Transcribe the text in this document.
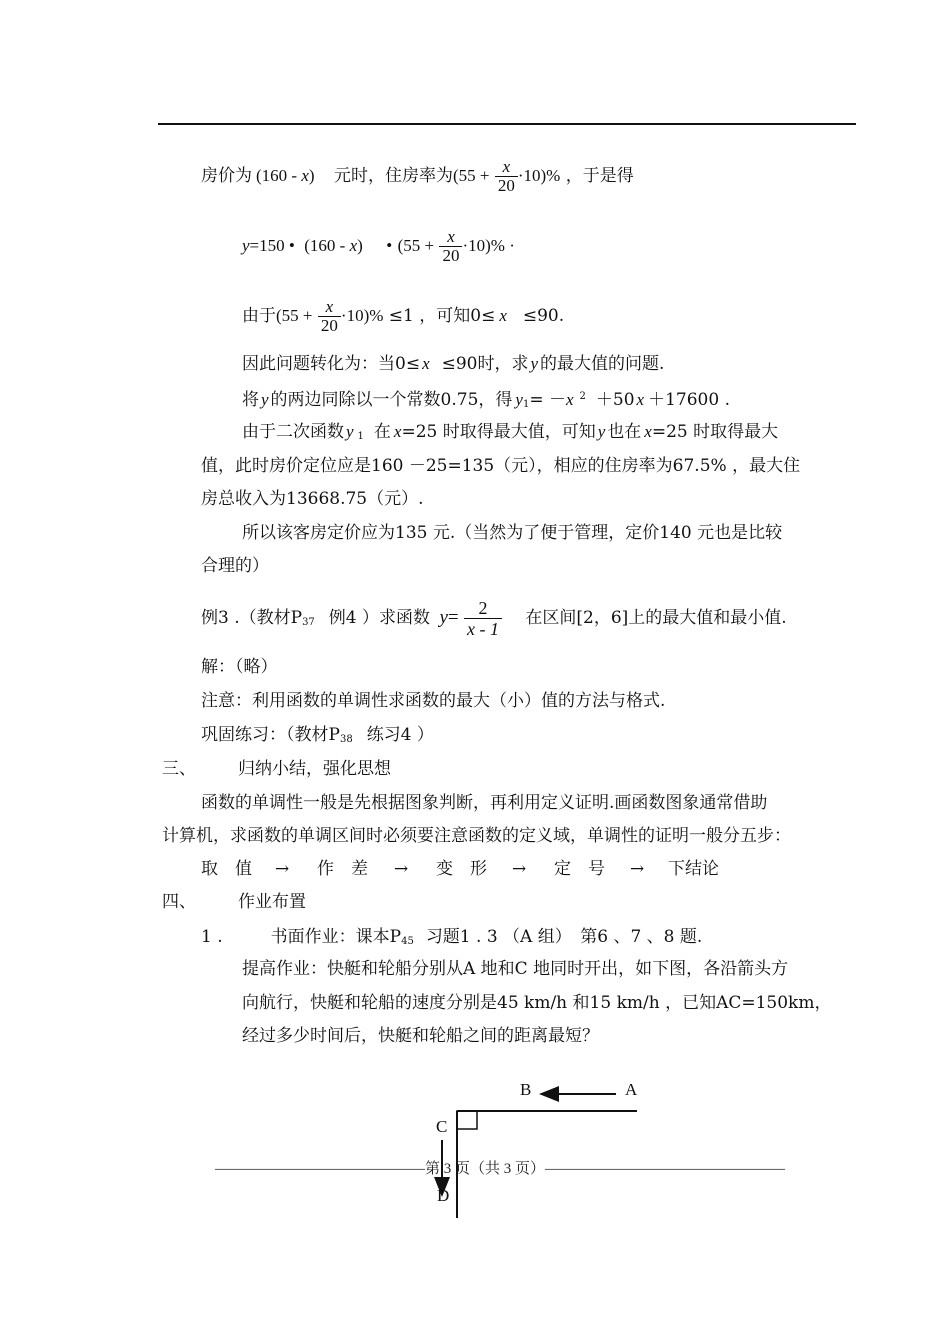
房价为 (160 - x) 元时，住房率为$(55 + \frac{x}{20} \cdot 10)\%$ ，于是得
y=150 • (160 - x) • $(55 + \frac{x}{20} \cdot 10)\%$ ·
由于$(55 + \frac{x}{20} \cdot 10)\% \le 1$ ，可知0≤ x ≤90.
因此问题转化为：当0≤ x ≤90时，求 y 的最大值的问题.
将 y 的两边同除以一个常数0.75，得 $y_1= -x$ $^2$ ＋50 x ＋17600 .
由于二次函数 y $_1$ 在 x=25 时取得最大值，可知 y 也在 x=25 时取得最大
值，此时房价定位应是160 －25=135（元），相应的住房率为67.5% ，最大住
房总收入为13668.75（元）.
所以该客房定价应为135 元.（当然为了便于管理，定价140 元也是比较
合理的）
例3 .（教材$P_{37}$ 例4 ）求函数 $y= \frac{2}{x - 1}$ 在区间[2，6]上的最大值和最小值.
解：（略）
注意：利用函数的单调性求函数的最大（小）值的方法与格式.
巩固练习：（教材$P_{38}$ 练习4 ）
三、 归纳小结，强化思想
函数的单调性一般是先根据图象判断，再利用定义证明.画函数图象通常借助
计算机，求函数的单调区间时必须要注意函数的定义域，单调性的证明一般分五步：
取　值 → 作　差 → 变　形 → 定　号 → 下结论
四、 作业布置
1 .	书面作业：课本$P_{45}$ 习题1 . 3 （A 组）　第6 、7 、8 题.
提高作业：快艇和轮船分别从A 地和C 地同时开出，如下图，各沿箭头方
向航行，快艇和轮船的速度分别是45 km/h 和15 km/h ，已知AC=150km，
经过多少时间后，快艇和轮船之间的距离最短？
B	A
C
D
——————————————第 3 页（共 3 页）————————————————
